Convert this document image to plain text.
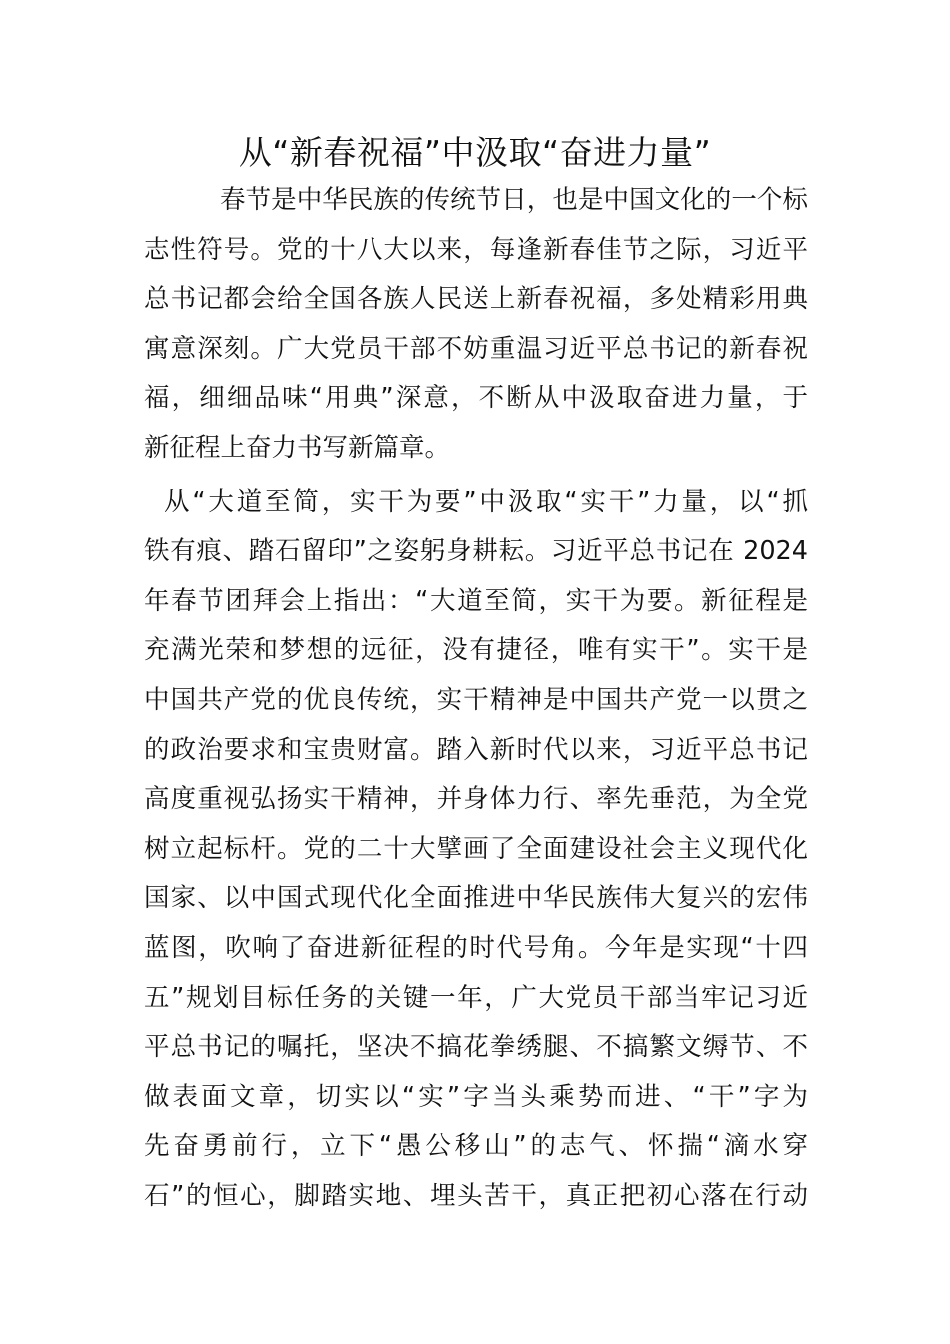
从“新春祝福”中汲取“奋进力量”
春节是中华民族的传统节日，也是中国文化的一个标
志性符号。党的十八大以来，每逢新春佳节之际，习近平
总书记都会给全国各族人民送上新春祝福，多处精彩用典
寓意深刻。广大党员干部不妨重温习近平总书记的新春祝
福，细细品味“用典”深意，不断从中汲取奋进力量，于
新征程上奋力书写新篇章。
从“大道至简，实干为要”中汲取“实干”力量，以“抓
铁有痕、踏石留印”之姿躬身耕耘。习近平总书记在 2024
年春节团拜会上指出：“大道至简，实干为要。新征程是
充满光荣和梦想的远征，没有捷径，唯有实干”。实干是
中国共产党的优良传统，实干精神是中国共产党一以贯之
的政治要求和宝贵财富。踏入新时代以来，习近平总书记
高度重视弘扬实干精神，并身体力行、率先垂范，为全党
树立起标杆。党的二十大擘画了全面建设社会主义现代化
国家、以中国式现代化全面推进中华民族伟大复兴的宏伟
蓝图，吹响了奋进新征程的时代号角。今年是实现“十四
五”规划目标任务的关键一年，广大党员干部当牢记习近
平总书记的嘱托，坚决不搞花拳绣腿、不搞繁文缛节、不
做表面文章，切实以“实”字当头乘势而进、“干”字为
先奋勇前行，立下“愚公移山”的志气、怀揣“滴水穿
石”的恒心，脚踏实地、埋头苦干，真正把初心落在行动
